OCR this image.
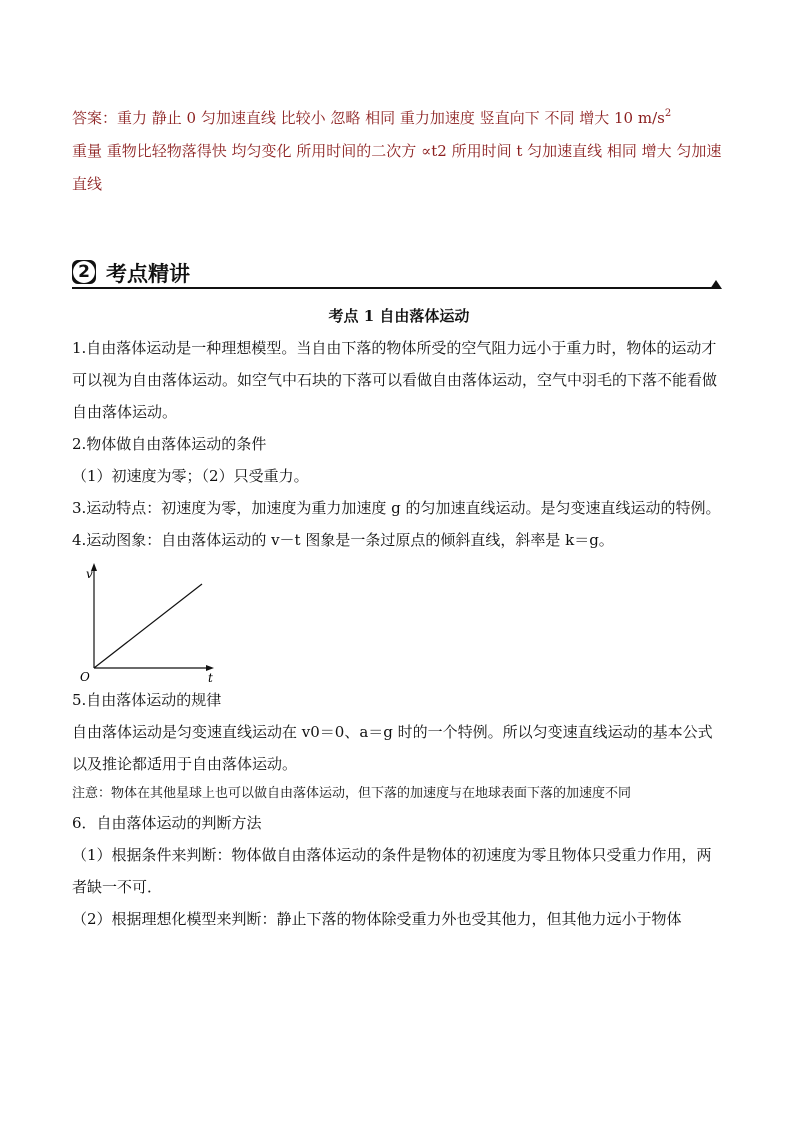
答案：重力 静止 0 匀加速直线 比较小 忽略 相同 重力加速度 竖直向下 不同 增大 10 $m/s^2$

重量 重物比轻物落得快 均匀变化 所用时间的二次方 ∝t2 所用时间 t 匀加速直线 相同 增大 匀加速直线

2 考点精讲

考点 1 自由落体运动

1.自由落体运动是一种理想模型。当自由下落的物体所受的空气阻力远小于重力时，物体的运动才可以视为自由落体运动。如空气中石块的下落可以看做自由落体运动，空气中羽毛的下落不能看做自由落体运动。

2.物体做自由落体运动的条件

（1）初速度为零；（2）只受重力。

3.运动特点：初速度为零，加速度为重力加速度 g 的匀加速直线运动。是匀变速直线运动的特例。

4.运动图象：自由落体运动的 v－t 图象是一条过原点的倾斜直线，斜率是 k＝g。

v
t
O

5.自由落体运动的规律

自由落体运动是匀变速直线运动在 v0＝0、a＝g 时的一个特例。所以匀变速直线运动的基本公式以及推论都适用于自由落体运动。

注意：物体在其他星球上也可以做自由落体运动，但下落的加速度与在地球表面下落的加速度不同

6．自由落体运动的判断方法

（1）根据条件来判断：物体做自由落体运动的条件是物体的初速度为零且物体只受重力作用，两者缺一不可．

（2）根据理想化模型来判断：静止下落的物体除受重力外也受其他力，但其他力远小于物体
